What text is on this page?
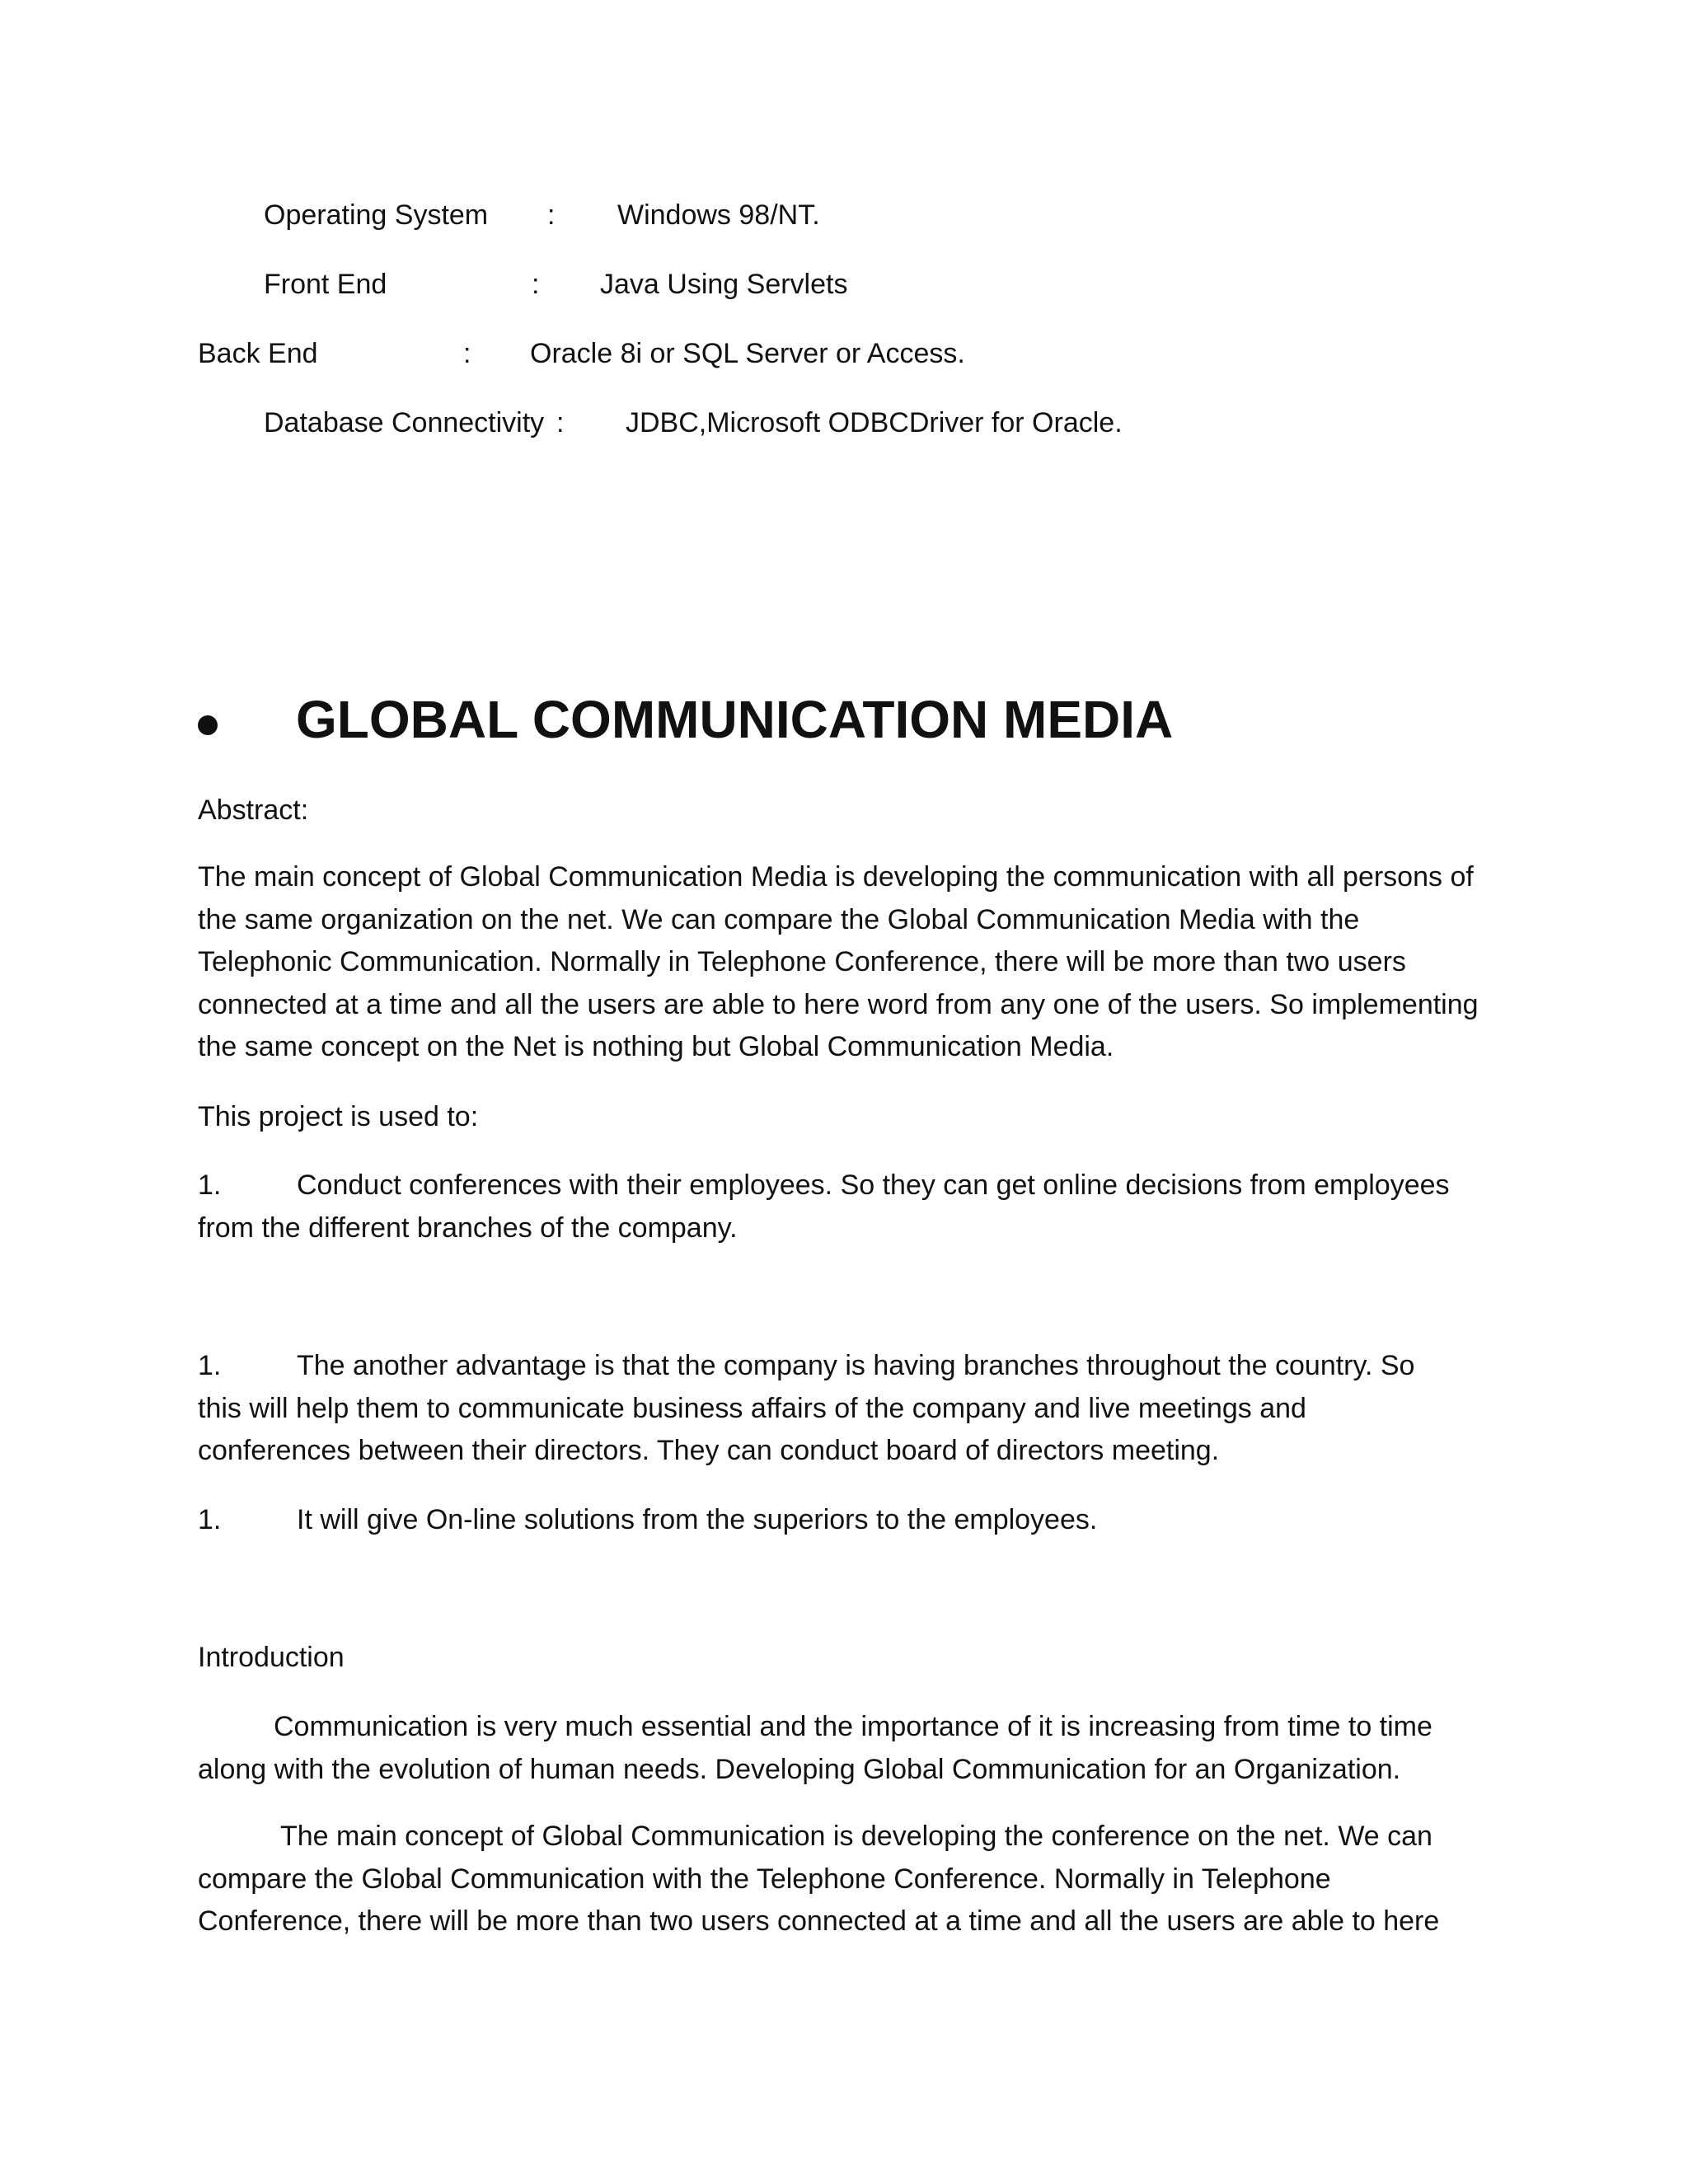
Operating System : Windows 98/NT.
Front End	: Java Using Servlets
Back End	: Oracle 8i or SQL Server or Access.
Database Connectivity : JDBC,Microsoft ODBCDriver for Oracle.
GLOBAL COMMUNICATION MEDIA
Abstract:
The main concept of Global Communication Media is developing the communication with all persons of the same organization on the net. We can compare the Global Communication Media with the Telephonic Communication. Normally in Telephone Conference, there will be more than two users connected at a time and all the users are able to here word from any one of the users. So implementing the same concept on the Net is nothing but Global Communication Media.
This project is used to:
1.	Conduct conferences with their employees. So they can get online decisions from employees from the different branches of the company.
1.	The another advantage is that the company is having branches throughout the country. So this will help them to communicate business affairs of the company and live meetings and conferences between their directors. They can conduct board of directors meeting.
1.	It will give On-line solutions from the superiors to the employees.
Introduction
Communication is very much essential and the importance of it is increasing from time to time along with the evolution of human needs. Developing Global Communication for an Organization.
The main concept of Global Communication is developing the conference on the net. We can compare the Global Communication with the Telephone Conference. Normally in Telephone Conference, there will be more than two users connected at a time and all the users are able to here
